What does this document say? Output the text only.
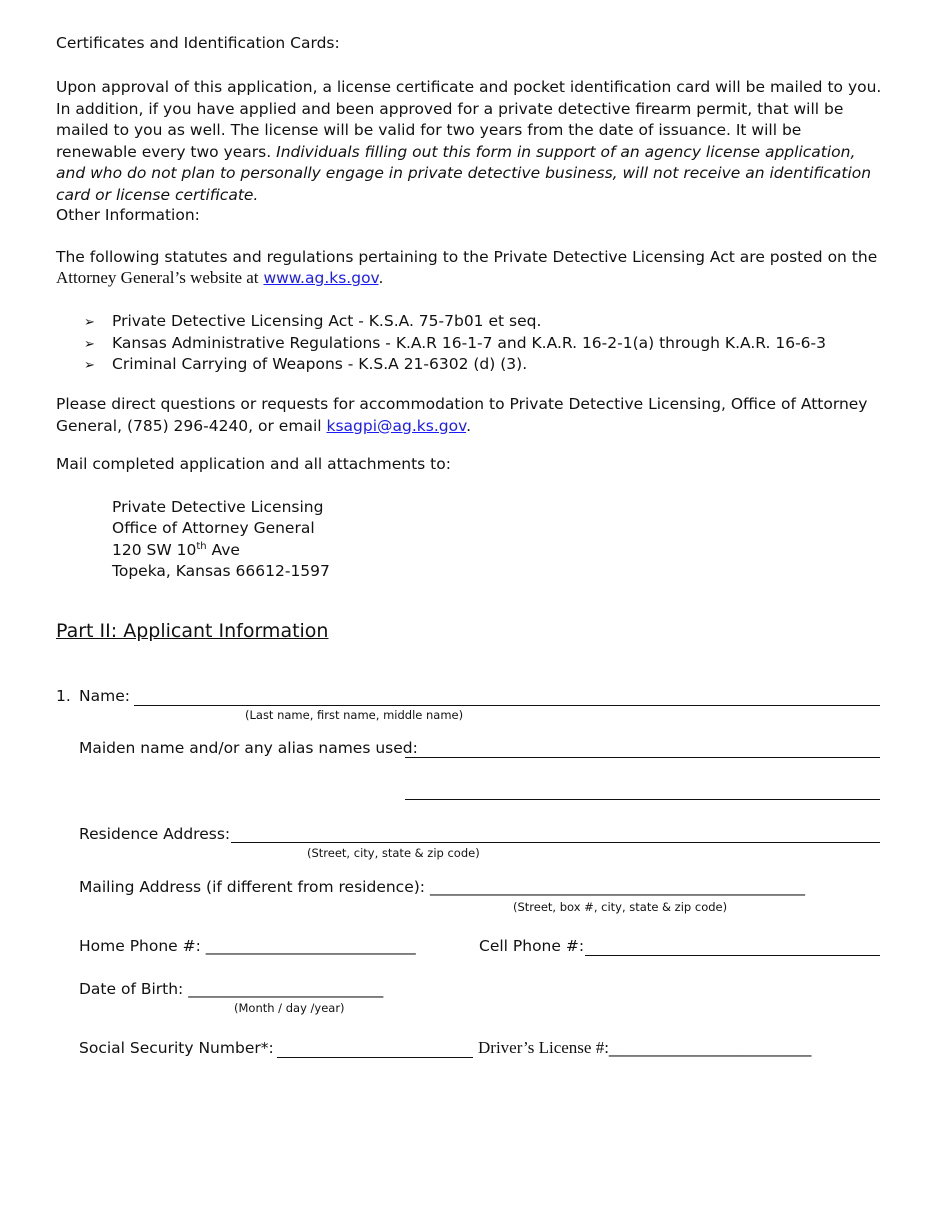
Certificates and Identification Cards:
Upon approval of this application, a license certificate and pocket identification card will be mailed to you. In addition, if you have applied and been approved for a private detective firearm permit, that will be mailed to you as well. The license will be valid for two years from the date of issuance. It will be renewable every two years. Individuals filling out this form in support of an agency license application, and who do not plan to personally engage in private detective business, will not receive an identification card or license certificate.
Other Information:
The following statutes and regulations pertaining to the Private Detective Licensing Act are posted on the
Attorney General’s website at www.ag.ks.gov.
➢ Private Detective Licensing Act - K.S.A. 75-7b01 et seq.
➢ Kansas Administrative Regulations - K.A.R 16-1-7 and K.A.R. 16-2-1(a) through K.A.R. 16-6-3
➢ Criminal Carrying of Weapons - K.S.A 21-6302 (d) (3).
Please direct questions or requests for accommodation to Private Detective Licensing, Office of Attorney General, (785) 296-4240, or email ksagpi@ag.ks.gov.
Mail completed application and all attachments to:
Private Detective Licensing
Office of Attorney General
120 SW 10th Ave
Topeka, Kansas 66612-1597
Part II: Applicant Information
1. Name:
(Last name, first name, middle name)
Maiden name and/or any alias names used:
Residence Address:
(Street, city, state & zip code)
Mailing Address (if different from residence): __________________________________________________
(Street, box #, city, state & zip code)
Home Phone #: ____________________________	Cell Phone #:
Date of Birth: __________________________
(Month / day /year)
Social Security Number*:	Driver’s License #:___________________________
